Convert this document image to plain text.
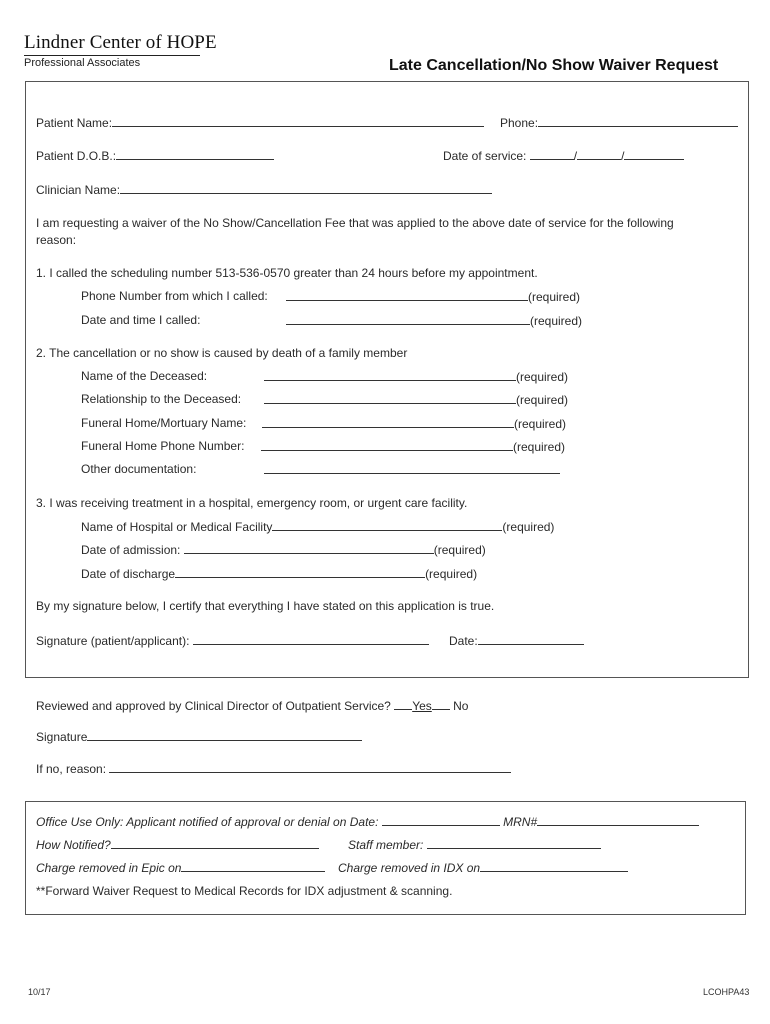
Lindner Center of HOPE
Professional Associates	Late Cancellation/No Show Waiver Request
Patient Name:	Phone:
Patient D.O.B.:	Date of service:	/	/
Clinician Name:
I am requesting a waiver of the No Show/Cancellation Fee that was applied to the above date of service for the following
reason:
1. I called the scheduling number 513-536-0570 greater than 24 hours before my appointment.
Phone Number from which I called:	(required)
Date and time I called:	(required)
2. The cancellation or no show is caused by death of a family member
Name of the Deceased:	(required)
Relationship to the Deceased:	(required)
Funeral Home/Mortuary Name:	(required)
Funeral Home Phone Number:	(required)
Other documentation:
3. I was receiving treatment in a hospital, emergency room, or urgent care facility.
Name of Hospital or Medical Facility	(required)
Date of admission:	(required)
Date of discharge	(required)
By my signature below, I certify that everything I have stated on this application is true.
Signature (patient/applicant):	Date:
Reviewed and approved by Clinical Director of Outpatient Service? Yes No
Signature
If no, reason:
Office Use Only: Applicant notified of approval or denial on Date:	MRN#
How Notified?	Staff member:
Charge removed in Epic on	Charge removed in IDX on
**Forward Waiver Request to Medical Records for IDX adjustment & scanning.
10/17	LCOHPA43
